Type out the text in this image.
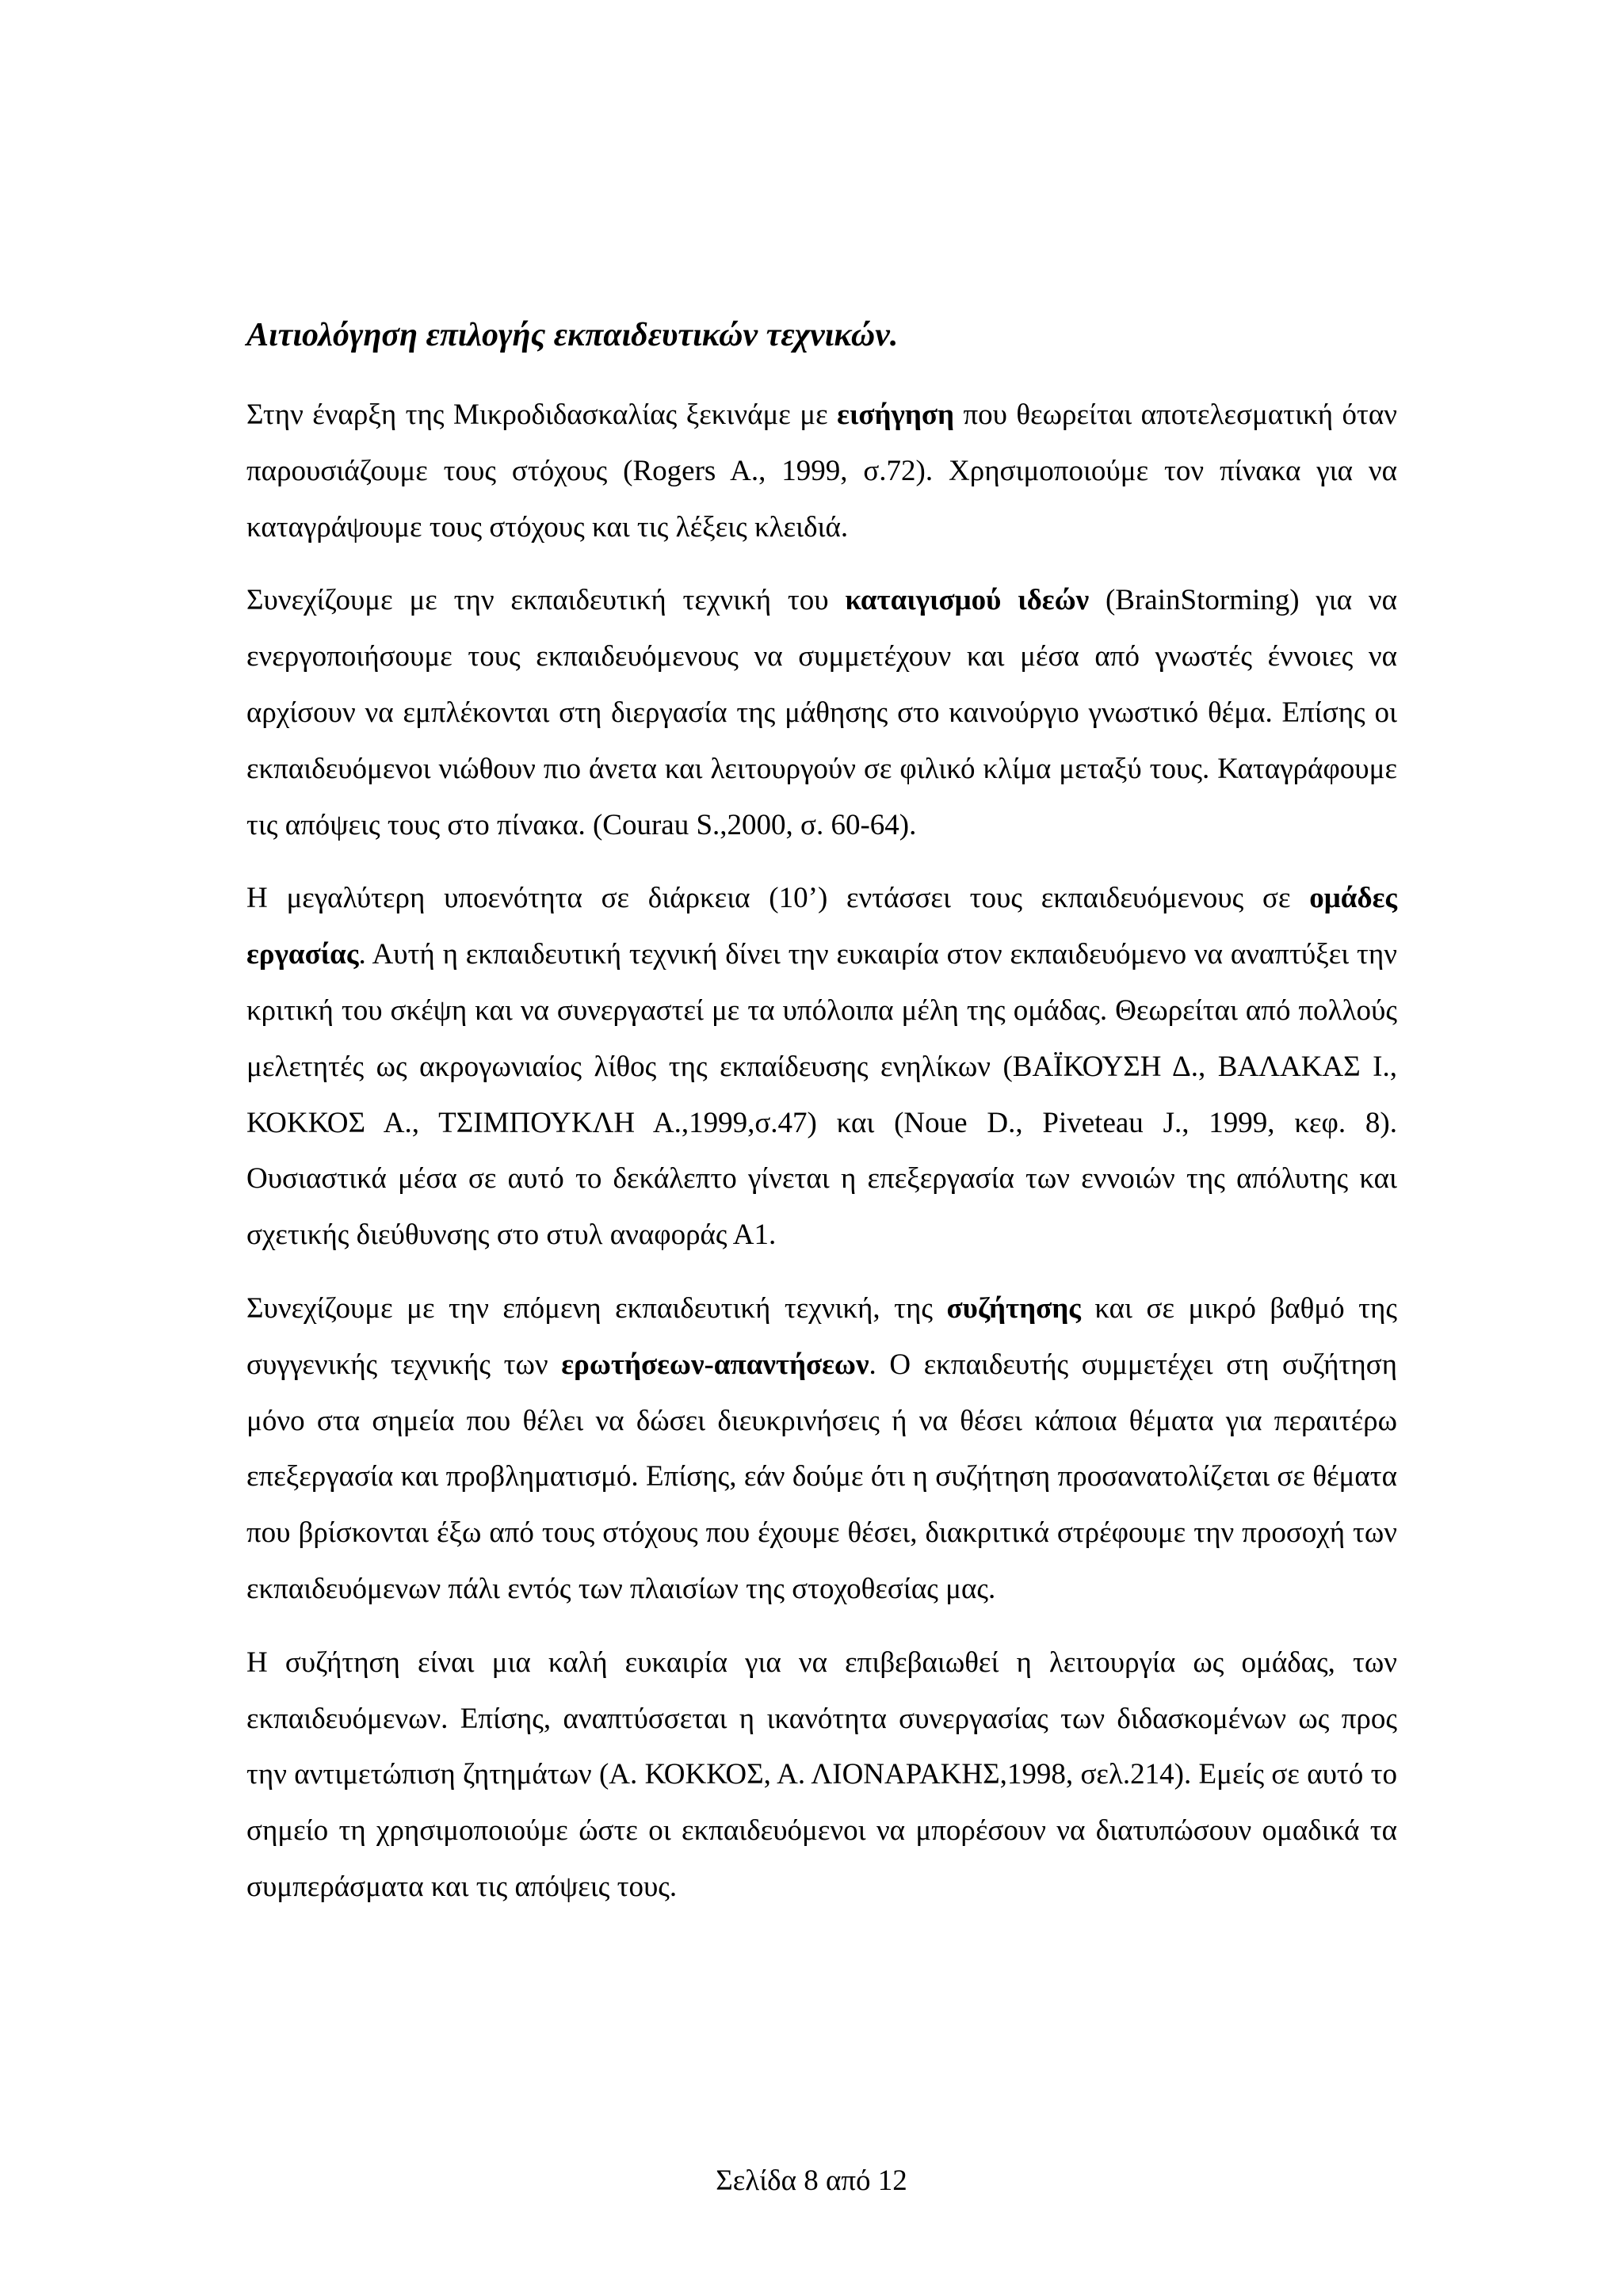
Αιτιολόγηση επιλογής εκπαιδευτικών τεχνικών.

Στην έναρξη της Μικροδιδασκαλίας ξεκινάμε με εισήγηση που θεωρείται αποτελεσματική όταν παρουσιάζουμε τους στόχους (Rogers A., 1999, σ.72). Χρησιμοποιούμε τον πίνακα για να καταγράψουμε τους στόχους και τις λέξεις κλειδιά.

Συνεχίζουμε με την εκπαιδευτική τεχνική του καταιγισμού ιδεών (BrainStorming) για να ενεργοποιήσουμε τους εκπαιδευόμενους να συμμετέχουν και μέσα από γνωστές έννοιες να αρχίσουν να εμπλέκονται στη διεργασία της μάθησης στο καινούργιο γνωστικό θέμα. Επίσης οι εκπαιδευόμενοι νιώθουν πιο άνετα και λειτουργούν σε φιλικό κλίμα μεταξύ τους. Καταγράφουμε τις απόψεις τους στο πίνακα. (Courau S.,2000, σ. 60-64).

Η μεγαλύτερη υποενότητα σε διάρκεια (10’) εντάσσει τους εκπαιδευόμενους σε ομάδες εργασίας. Αυτή η εκπαιδευτική τεχνική δίνει την ευκαιρία στον εκπαιδευόμενο να αναπτύξει την κριτική του σκέψη και να συνεργαστεί με τα υπόλοιπα μέλη της ομάδας. Θεωρείται από πολλούς μελετητές ως ακρογωνιαίος λίθος της εκπαίδευσης ενηλίκων (ΒΑΪΚΟΥΣΗ Δ., ΒΑΛΑΚΑΣ Ι., ΚΟΚΚΟΣ Α., ΤΣΙΜΠΟΥΚΛΗ Α.,1999,σ.47) και (Noue D., Piveteau J., 1999, κεφ. 8). Ουσιαστικά μέσα σε αυτό το δεκάλεπτο γίνεται η επεξεργασία των εννοιών της απόλυτης και σχετικής διεύθυνσης στο στυλ αναφοράς Α1.

Συνεχίζουμε με την επόμενη εκπαιδευτική τεχνική, της συζήτησης και σε μικρό βαθμό της συγγενικής τεχνικής των ερωτήσεων-απαντήσεων. Ο εκπαιδευτής συμμετέχει στη συζήτηση μόνο στα σημεία που θέλει να δώσει διευκρινήσεις ή να θέσει κάποια θέματα για περαιτέρω επεξεργασία και προβληματισμό. Επίσης, εάν δούμε ότι η συζήτηση προσανατολίζεται σε θέματα που βρίσκονται έξω από τους στόχους που έχουμε θέσει, διακριτικά στρέφουμε την προσοχή των εκπαιδευόμενων πάλι εντός των πλαισίων της στοχοθεσίας μας.

Η συζήτηση είναι μια καλή ευκαιρία για να επιβεβαιωθεί η λειτουργία ως ομάδας, των εκπαιδευόμενων. Επίσης, αναπτύσσεται η ικανότητα συνεργασίας των διδασκομένων ως προς την αντιμετώπιση ζητημάτων (Α. ΚΟΚΚΟΣ, Α. ΛΙΟΝΑΡΑΚΗΣ,1998, σελ.214). Εμείς σε αυτό το σημείο τη χρησιμοποιούμε ώστε οι εκπαιδευόμενοι να μπορέσουν να διατυπώσουν ομαδικά τα συμπεράσματα και τις απόψεις τους.

Σελίδα 8 από 12
